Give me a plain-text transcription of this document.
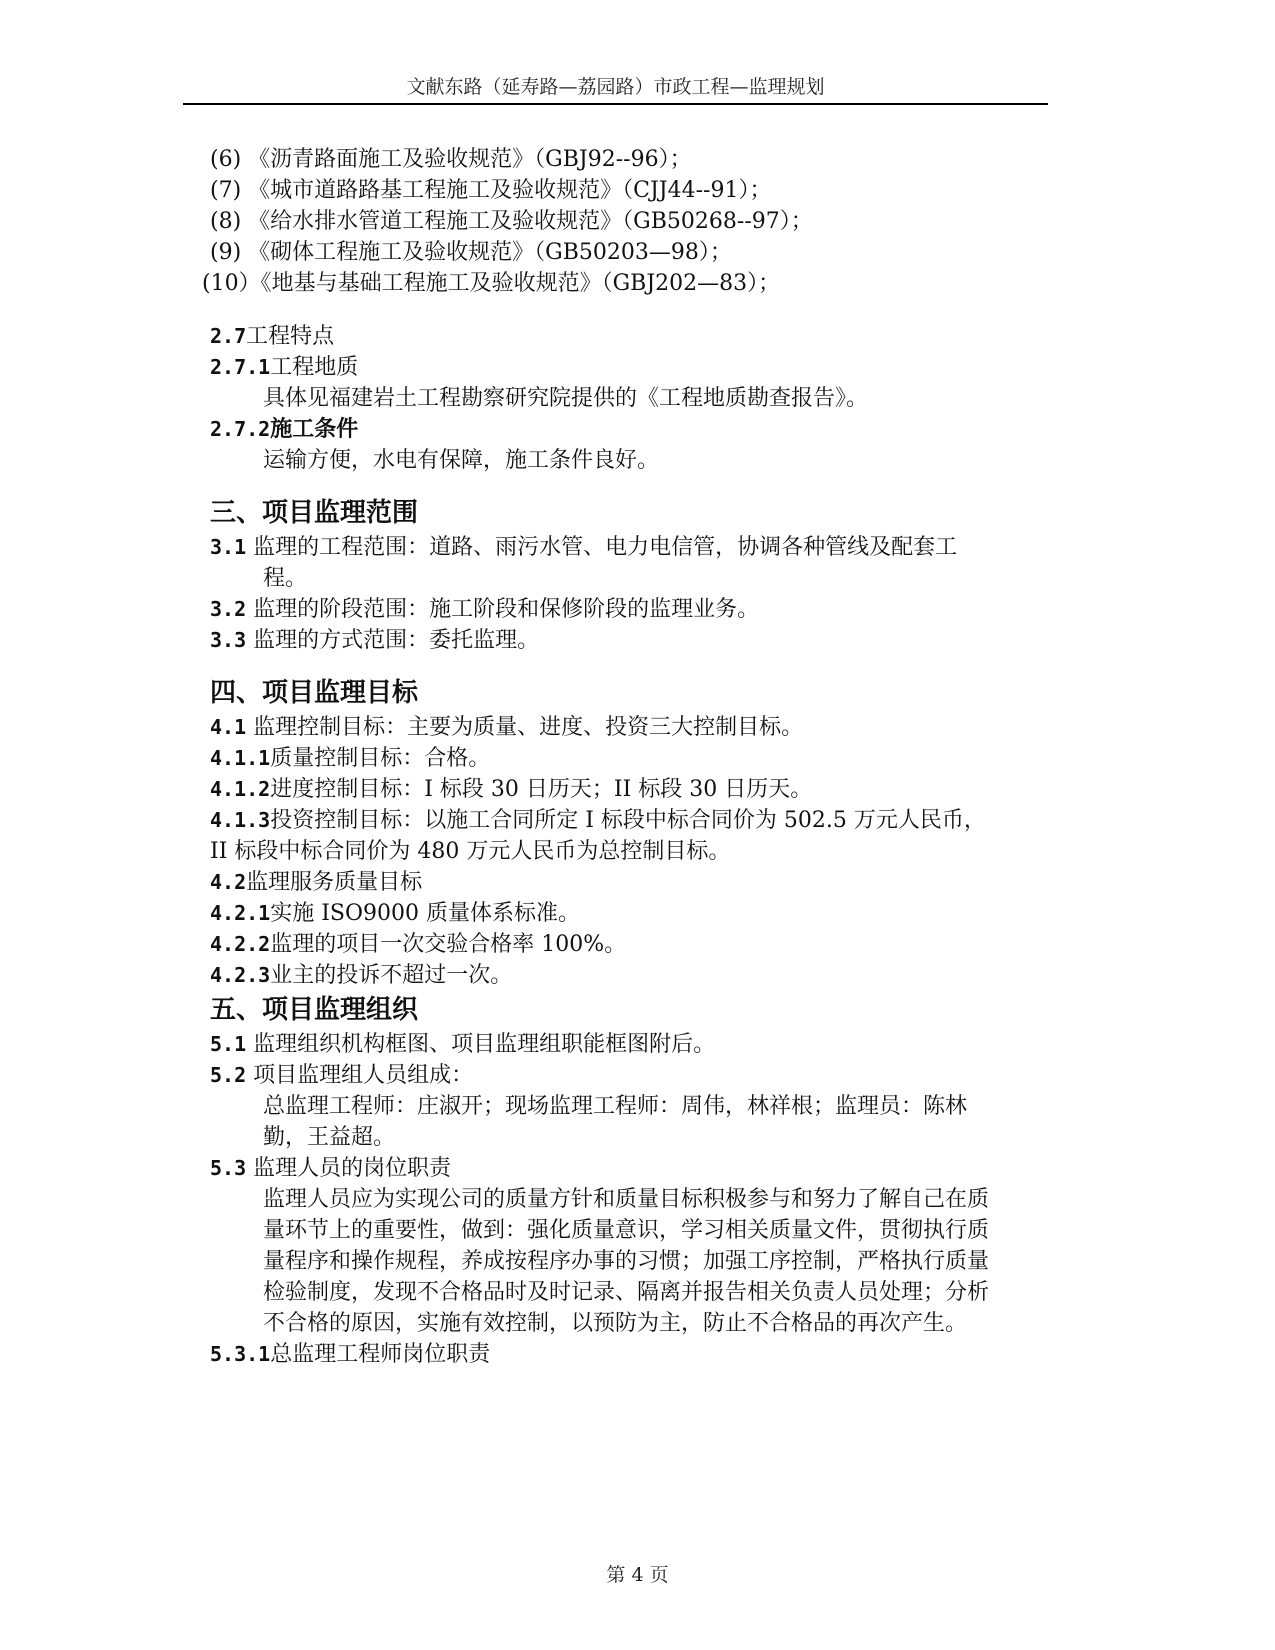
文献东路（延寿路—荔园路）市政工程—监理规划
(6) 《沥青路面施工及验收规范》（GBJ92--96）；
(7) 《城市道路路基工程施工及验收规范》（CJJ44--91）；
(8) 《给水排水管道工程施工及验收规范》（GB50268--97）；
(9) 《砌体工程施工及验收规范》（GB50203—98）；
(10）《地基与基础工程施工及验收规范》（GBJ202—83）；
2.7工程特点
2.7.1工程地质
具体见福建岩土工程勘察研究院提供的《工程地质勘查报告》。
2.7.2施工条件
运输方便，水电有保障，施工条件良好。
三、项目监理范围
3.1 监理的工程范围：道路、雨污水管、电力电信管，协调各种管线及配套工
程。
3.2 监理的阶段范围：施工阶段和保修阶段的监理业务。
3.3 监理的方式范围：委托监理。
四、项目监理目标
4.1 监理控制目标：主要为质量、进度、投资三大控制目标。
4.1.1质量控制目标：合格。
4.1.2进度控制目标：I 标段 30 日历天；II 标段 30 日历天。
4.1.3投资控制目标：以施工合同所定 I 标段中标合同价为 502.5 万元人民币，
II 标段中标合同价为 480 万元人民币为总控制目标。
4.2监理服务质量目标
4.2.1实施 ISO9000 质量体系标准。
4.2.2监理的项目一次交验合格率 100%。
4.2.3业主的投诉不超过一次。
五、项目监理组织
5.1 监理组织机构框图、项目监理组职能框图附后。
5.2 项目监理组人员组成：
总监理工程师：庄淑开；现场监理工程师：周伟，林祥根；监理员：陈林
勤，王益超。
5.3 监理人员的岗位职责
监理人员应为实现公司的质量方针和质量目标积极参与和努力了解自己在质
量环节上的重要性，做到：强化质量意识，学习相关质量文件，贯彻执行质
量程序和操作规程，养成按程序办事的习惯；加强工序控制，严格执行质量
检验制度，发现不合格品时及时记录、隔离并报告相关负责人员处理；分析
不合格的原因，实施有效控制，以预防为主，防止不合格品的再次产生。
5.3.1总监理工程师岗位职责
第 4 页
